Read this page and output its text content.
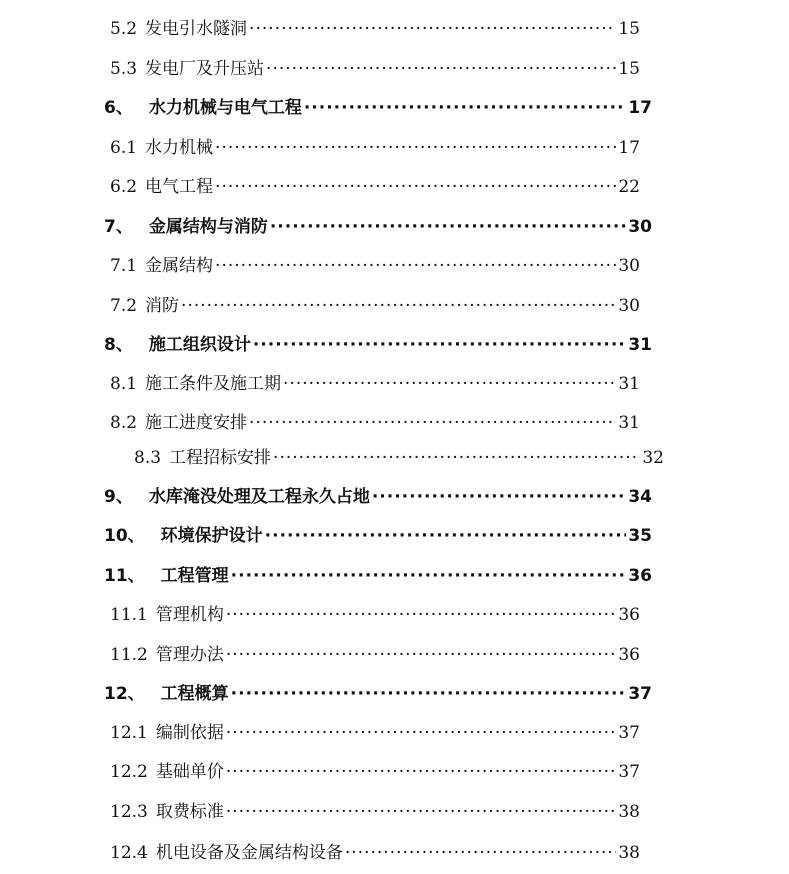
5.2 发电引水隧洞 ·····	15
5.3 发电厂及升压站 ·····	15
6、 水力机械与电气工程 ·····	17
6.1 水力机械 ·····	17
6.2 电气工程 ·····	22
7、 金属结构与消防 ·····	30
7.1 金属结构 ·····	30
7.2 消防 ·····	30
8、 施工组织设计 ·····	31
8.1 施工条件及施工期 ·····	31
8.2 施工进度安排 ·····	31
8.3 工程招标安排 ·····	32
9、 水库淹没处理及工程永久占地 ·····	34
10、 环境保护设计 ·····	35
11、 工程管理 ·····	36
11.1 管理机构 ·····	36
11.2 管理办法 ·····	36
12、 工程概算 ·····	37
12.1 编制依据 ·····	37
12.2 基础单价 ·····	37
12.3 取费标准 ·····	38
12.4 机电设备及金属结构设备 ·····	38
